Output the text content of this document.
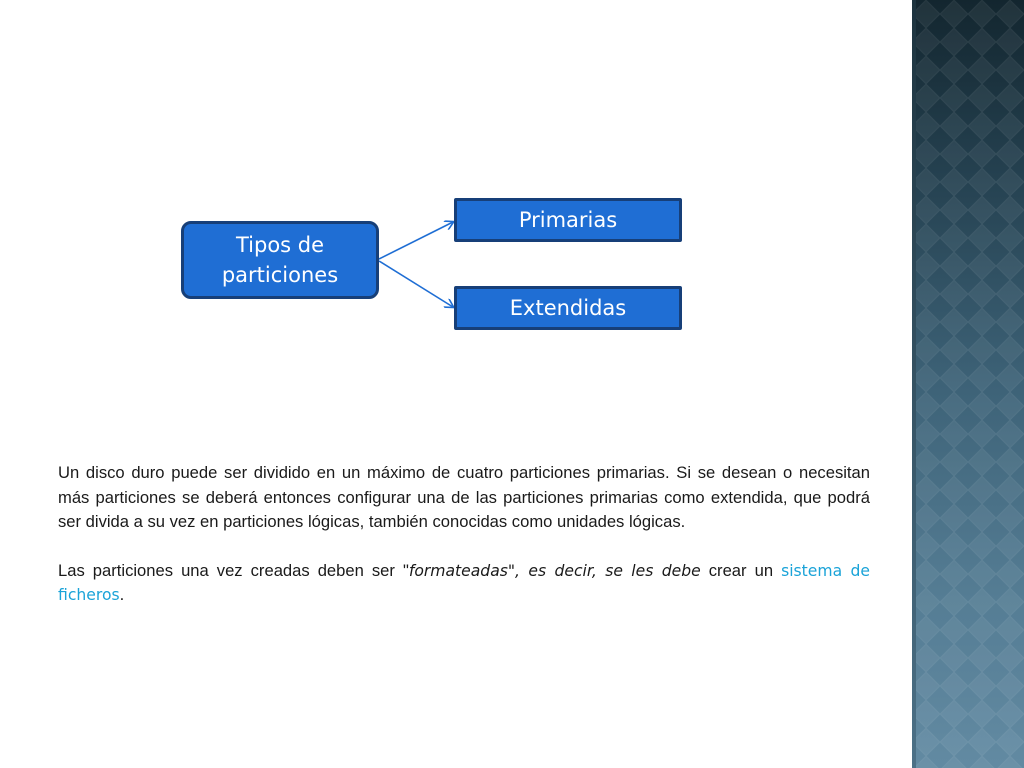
Tipos de
particiones
Primarias
Extendidas

Un disco duro puede ser dividido en un máximo de cuatro particiones primarias. Si se desean o necesitan más particiones se deberá entonces configurar una de las particiones primarias como extendida, que podrá ser divida a su vez en particiones lógicas, también conocidas como unidades lógicas.

Las particiones una vez creadas deben ser "formateadas", es decir, se les debe crear un sistema de ficheros.
